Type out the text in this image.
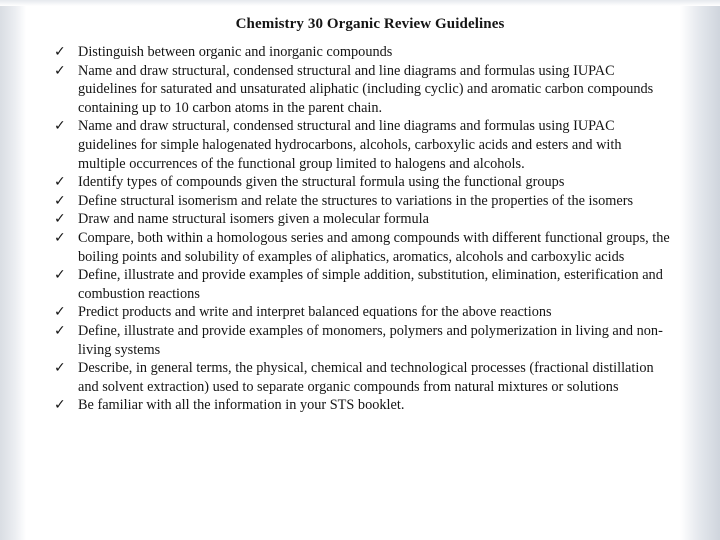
Chemistry 30 Organic Review Guidelines
✓ Distinguish between organic and inorganic compounds
✓ Name and draw structural, condensed structural and line diagrams and formulas using IUPAC guidelines for saturated and unsaturated aliphatic (including cyclic) and aromatic carbon compounds containing up to 10 carbon atoms in the parent chain.
✓ Name and draw structural, condensed structural and line diagrams and formulas using IUPAC guidelines for simple halogenated hydrocarbons, alcohols, carboxylic acids and esters and with multiple occurrences of the functional group limited to halogens and alcohols.
✓ Identify types of compounds given the structural formula using the functional groups
✓ Define structural isomerism and relate the structures to variations in the properties of the isomers
✓ Draw and name structural isomers given a molecular formula
✓ Compare, both within a homologous series and among compounds with different functional groups, the boiling points and solubility of examples of aliphatics, aromatics, alcohols and carboxylic acids
✓ Define, illustrate and provide examples of simple addition, substitution, elimination, esterification and combustion reactions
✓ Predict products and write and interpret balanced equations for the above reactions
✓ Define, illustrate and provide examples of monomers, polymers and polymerization in living and non-living systems
✓ Describe, in general terms, the physical, chemical and technological processes (fractional distillation and solvent extraction) used to separate organic compounds from natural mixtures or solutions
✓ Be familiar with all the information in your STS booklet.
